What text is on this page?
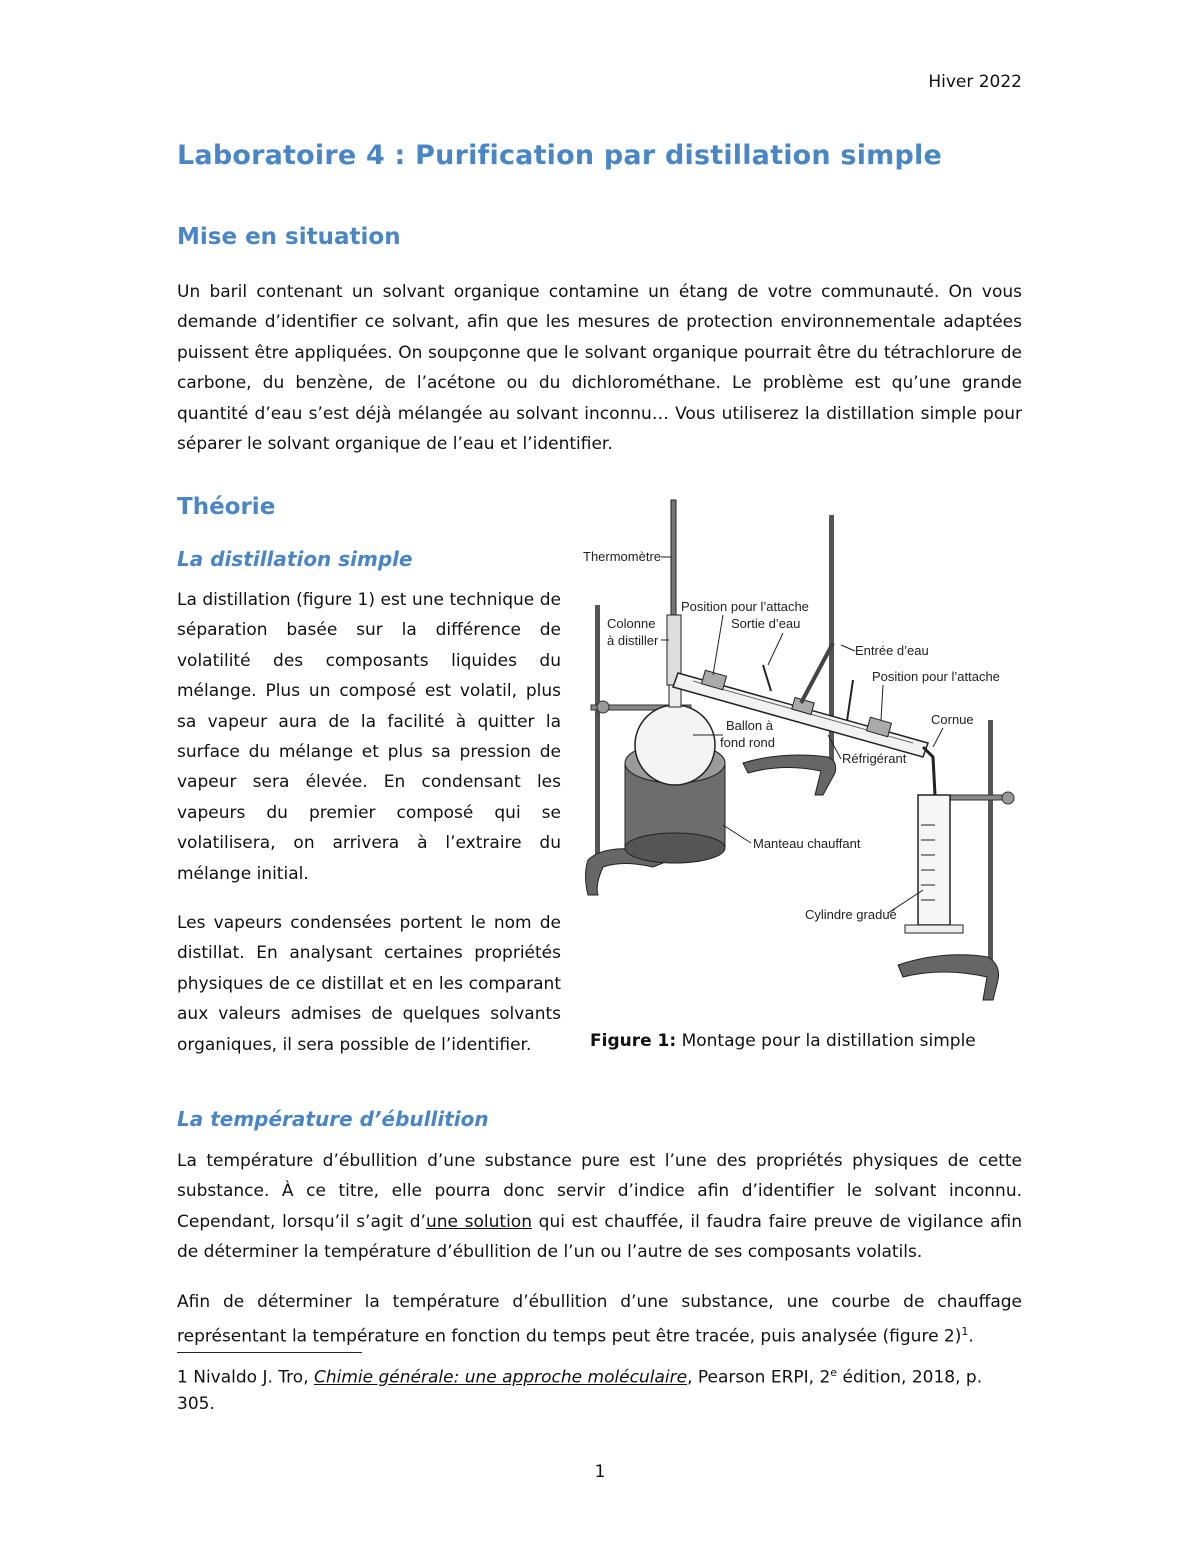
Hiver 2022
Laboratoire 4 : Purification par distillation simple
Mise en situation

Un baril contenant un solvant organique contamine un étang de votre communauté. On vous demande d’identifier ce solvant, afin que les mesures de protection environnementale adaptées puissent être appliquées. On soupçonne que le solvant organique pourrait être du tétrachlorure de carbone, du benzène, de l’acétone ou du dichlorométhane. Le problème est qu’une grande quantité d’eau s’est déjà mélangée au solvant inconnu… Vous utiliserez la distillation simple pour séparer le solvant organique de l’eau et l’identifier.

Théorie
La distillation simple

La distillation (figure 1) est une technique de séparation basée sur la différence de volatilité des composants liquides du mélange. Plus un composé est volatil, plus sa vapeur aura de la facilité à quitter la surface du mélange et plus sa pression de vapeur sera élevée. En condensant les vapeurs du premier composé qui se volatilisera, on arrivera à l’extraire du mélange initial.

Les vapeurs condensées portent le nom de distillat. En analysant certaines propriétés physiques de ce distillat et en les comparant aux valeurs admises de quelques solvants organiques, il sera possible de l’identifier.

Thermomètre
Colonne
à distiller
Position pour l’attache
Sortie d’eau
Entrée d’eau
Position pour l’attache
Cornue
Ballon à
fond rond
Réfrigérant
Manteau chauffant
Cylindre gradué

Figure 1: Montage pour la distillation simple

La température d’ébullition

La température d’ébullition d’une substance pure est l’une des propriétés physiques de cette substance. À ce titre, elle pourra donc servir d’indice afin d’identifier le solvant inconnu. Cependant, lorsqu’il s’agit d’une solution qui est chauffée, il faudra faire preuve de vigilance afin de déterminer la température d’ébullition de l’un ou l’autre de ses composants volatils.

Afin de déterminer la température d’ébullition d’une substance, une courbe de chauffage représentant la température en fonction du temps peut être tracée, puis analysée (figure 2)$^1$.

1 Nivaldo J. Tro, Chimie générale: une approche moléculaire, Pearson ERPI, 2e édition, 2018, p. 305.

1
